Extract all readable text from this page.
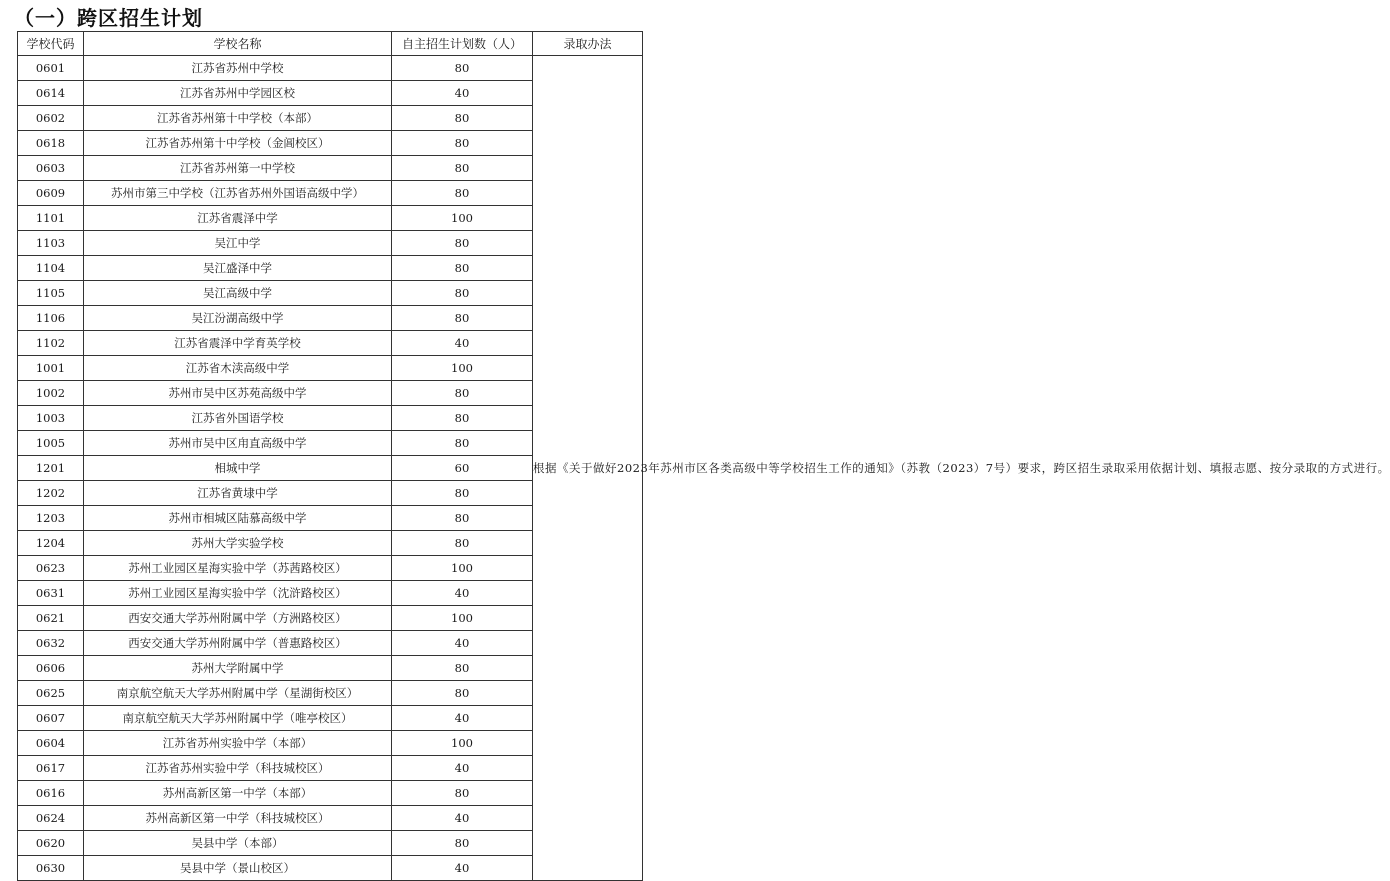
（一）跨区招生计划
学校代码	学校名称	自主招生计划数（人）	录取办法
0601	江苏省苏州中学校	80	根据《关于做好2023年苏州市区各类高级中等学校招生工作的通知》（苏教（2023）7号）要求，跨区招生录取采用依据计划、填报志愿、按分录取的方式进行。
0614	江苏省苏州中学园区校	40	
0602	江苏省苏州第十中学校（本部）	80	
0618	江苏省苏州第十中学校（金阊校区）	80	
0603	江苏省苏州第一中学校	80	
0609	苏州市第三中学校（江苏省苏州外国语高级中学）	80	
1101	江苏省震泽中学	100	
1103	吴江中学	80	
1104	吴江盛泽中学	80	
1105	吴江高级中学	80	
1106	吴江汾湖高级中学	80	
1102	江苏省震泽中学育英学校	40	
1001	江苏省木渎高级中学	100	
1002	苏州市吴中区苏苑高级中学	80	
1003	江苏省外国语学校	80	
1005	苏州市吴中区甪直高级中学	80	
1201	相城中学	60	
1202	江苏省黄埭中学	80	
1203	苏州市相城区陆慕高级中学	80	
1204	苏州大学实验学校	80	
0623	苏州工业园区星海实验中学（苏茜路校区）	100	
0631	苏州工业园区星海实验中学（沈浒路校区）	40	
0621	西安交通大学苏州附属中学（方洲路校区）	100	
0632	西安交通大学苏州附属中学（普惠路校区）	40	
0606	苏州大学附属中学	80	
0625	南京航空航天大学苏州附属中学（星湖街校区）	80	
0607	南京航空航天大学苏州附属中学（唯亭校区）	40	
0604	江苏省苏州实验中学（本部）	100	
0617	江苏省苏州实验中学（科技城校区）	40	
0616	苏州高新区第一中学（本部）	80	
0624	苏州高新区第一中学（科技城校区）	40	
0620	吴县中学（本部）	80	
0630	吴县中学（景山校区）	40	
